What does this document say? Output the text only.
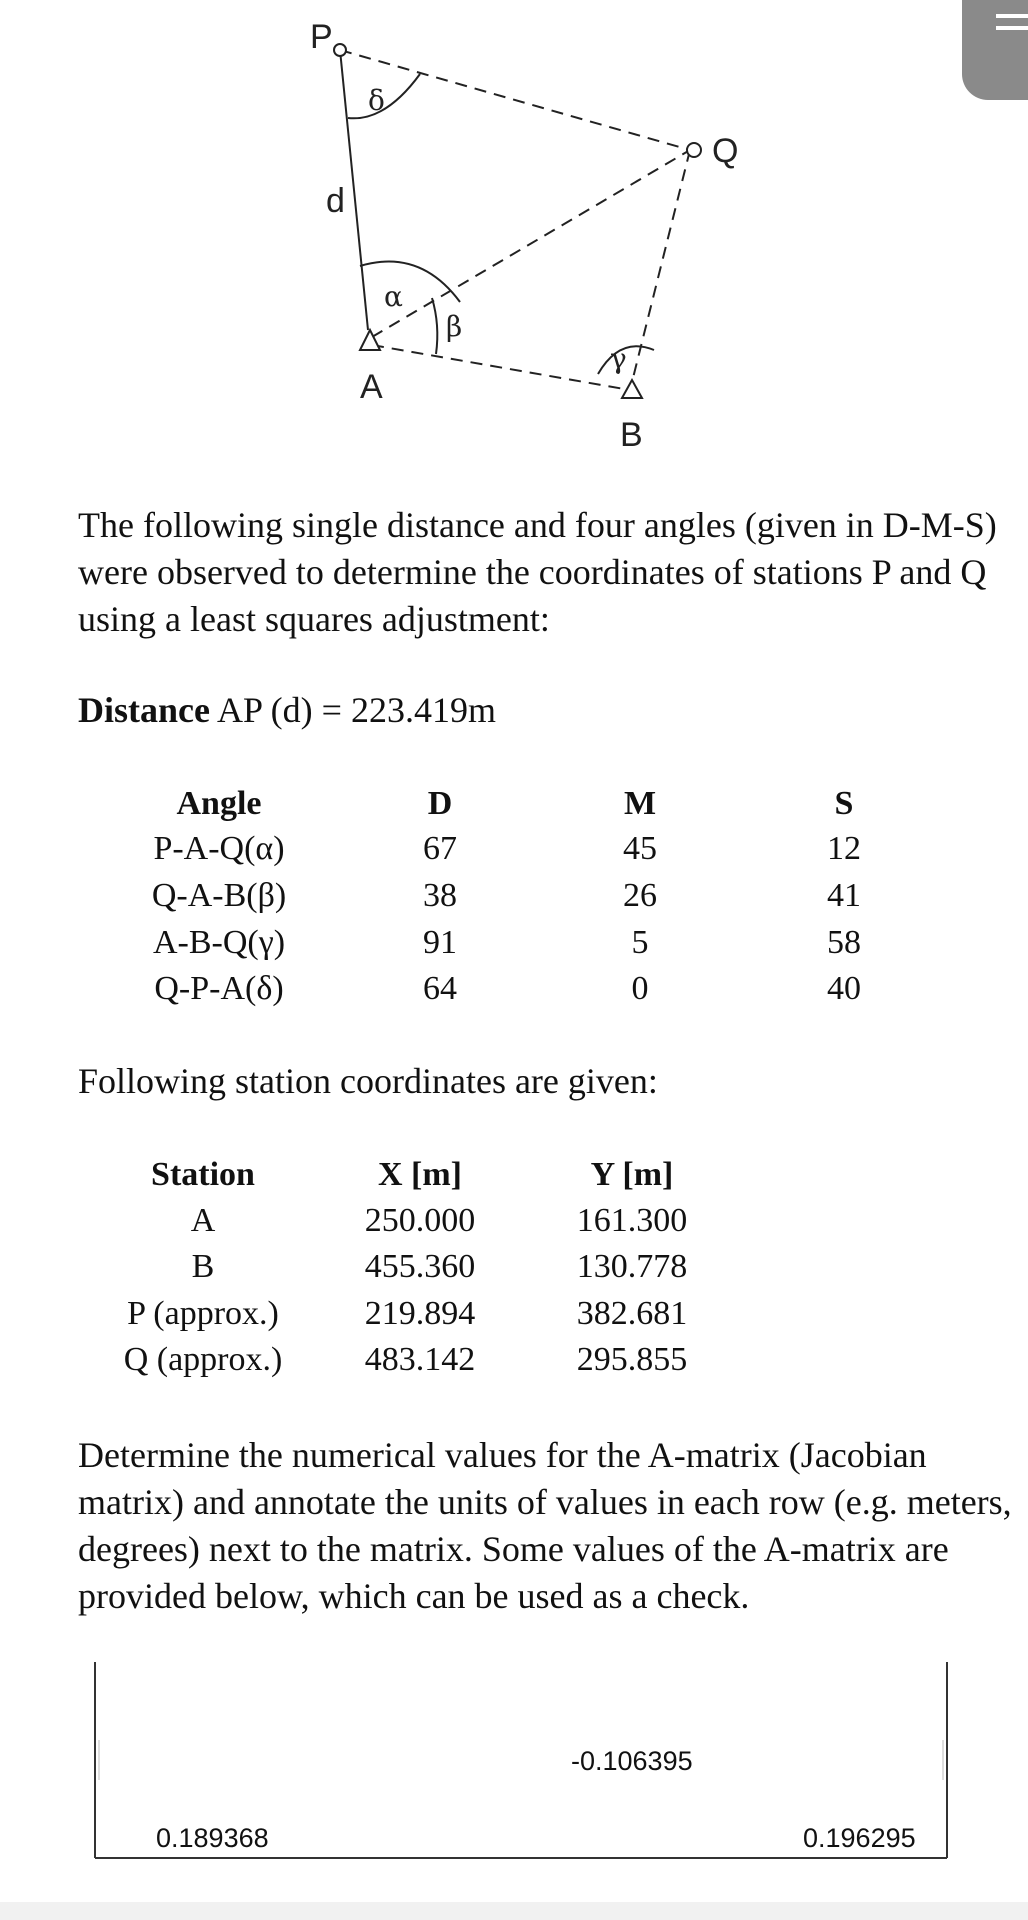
P
Q
A
B
d
δ
α
β
γ
The following single distance and four angles (given in D-M-S) were observed to determine the coordinates of stations P and Q using a least squares adjustment:
Distance AP (d) = 223.419m
Angle	D	M	S
P-A-Q(α)	67	45	12
Q-A-B(β)	38	26	41
A-B-Q(γ)	91	5	58
Q-P-A(δ)	64	0	40
Following station coordinates are given:
Station	X [m]	Y [m]
A	250.000	161.300
B	455.360	130.778
P (approx.)	219.894	382.681
Q (approx.) 483.142	295.855
Determine the numerical values for the A-matrix (Jacobian matrix) and annotate the units of values in each row (e.g. meters, degrees) next to the matrix. Some values of the A-matrix are provided below, which can be used as a check.
-0.106395
0.189368	0.196295
